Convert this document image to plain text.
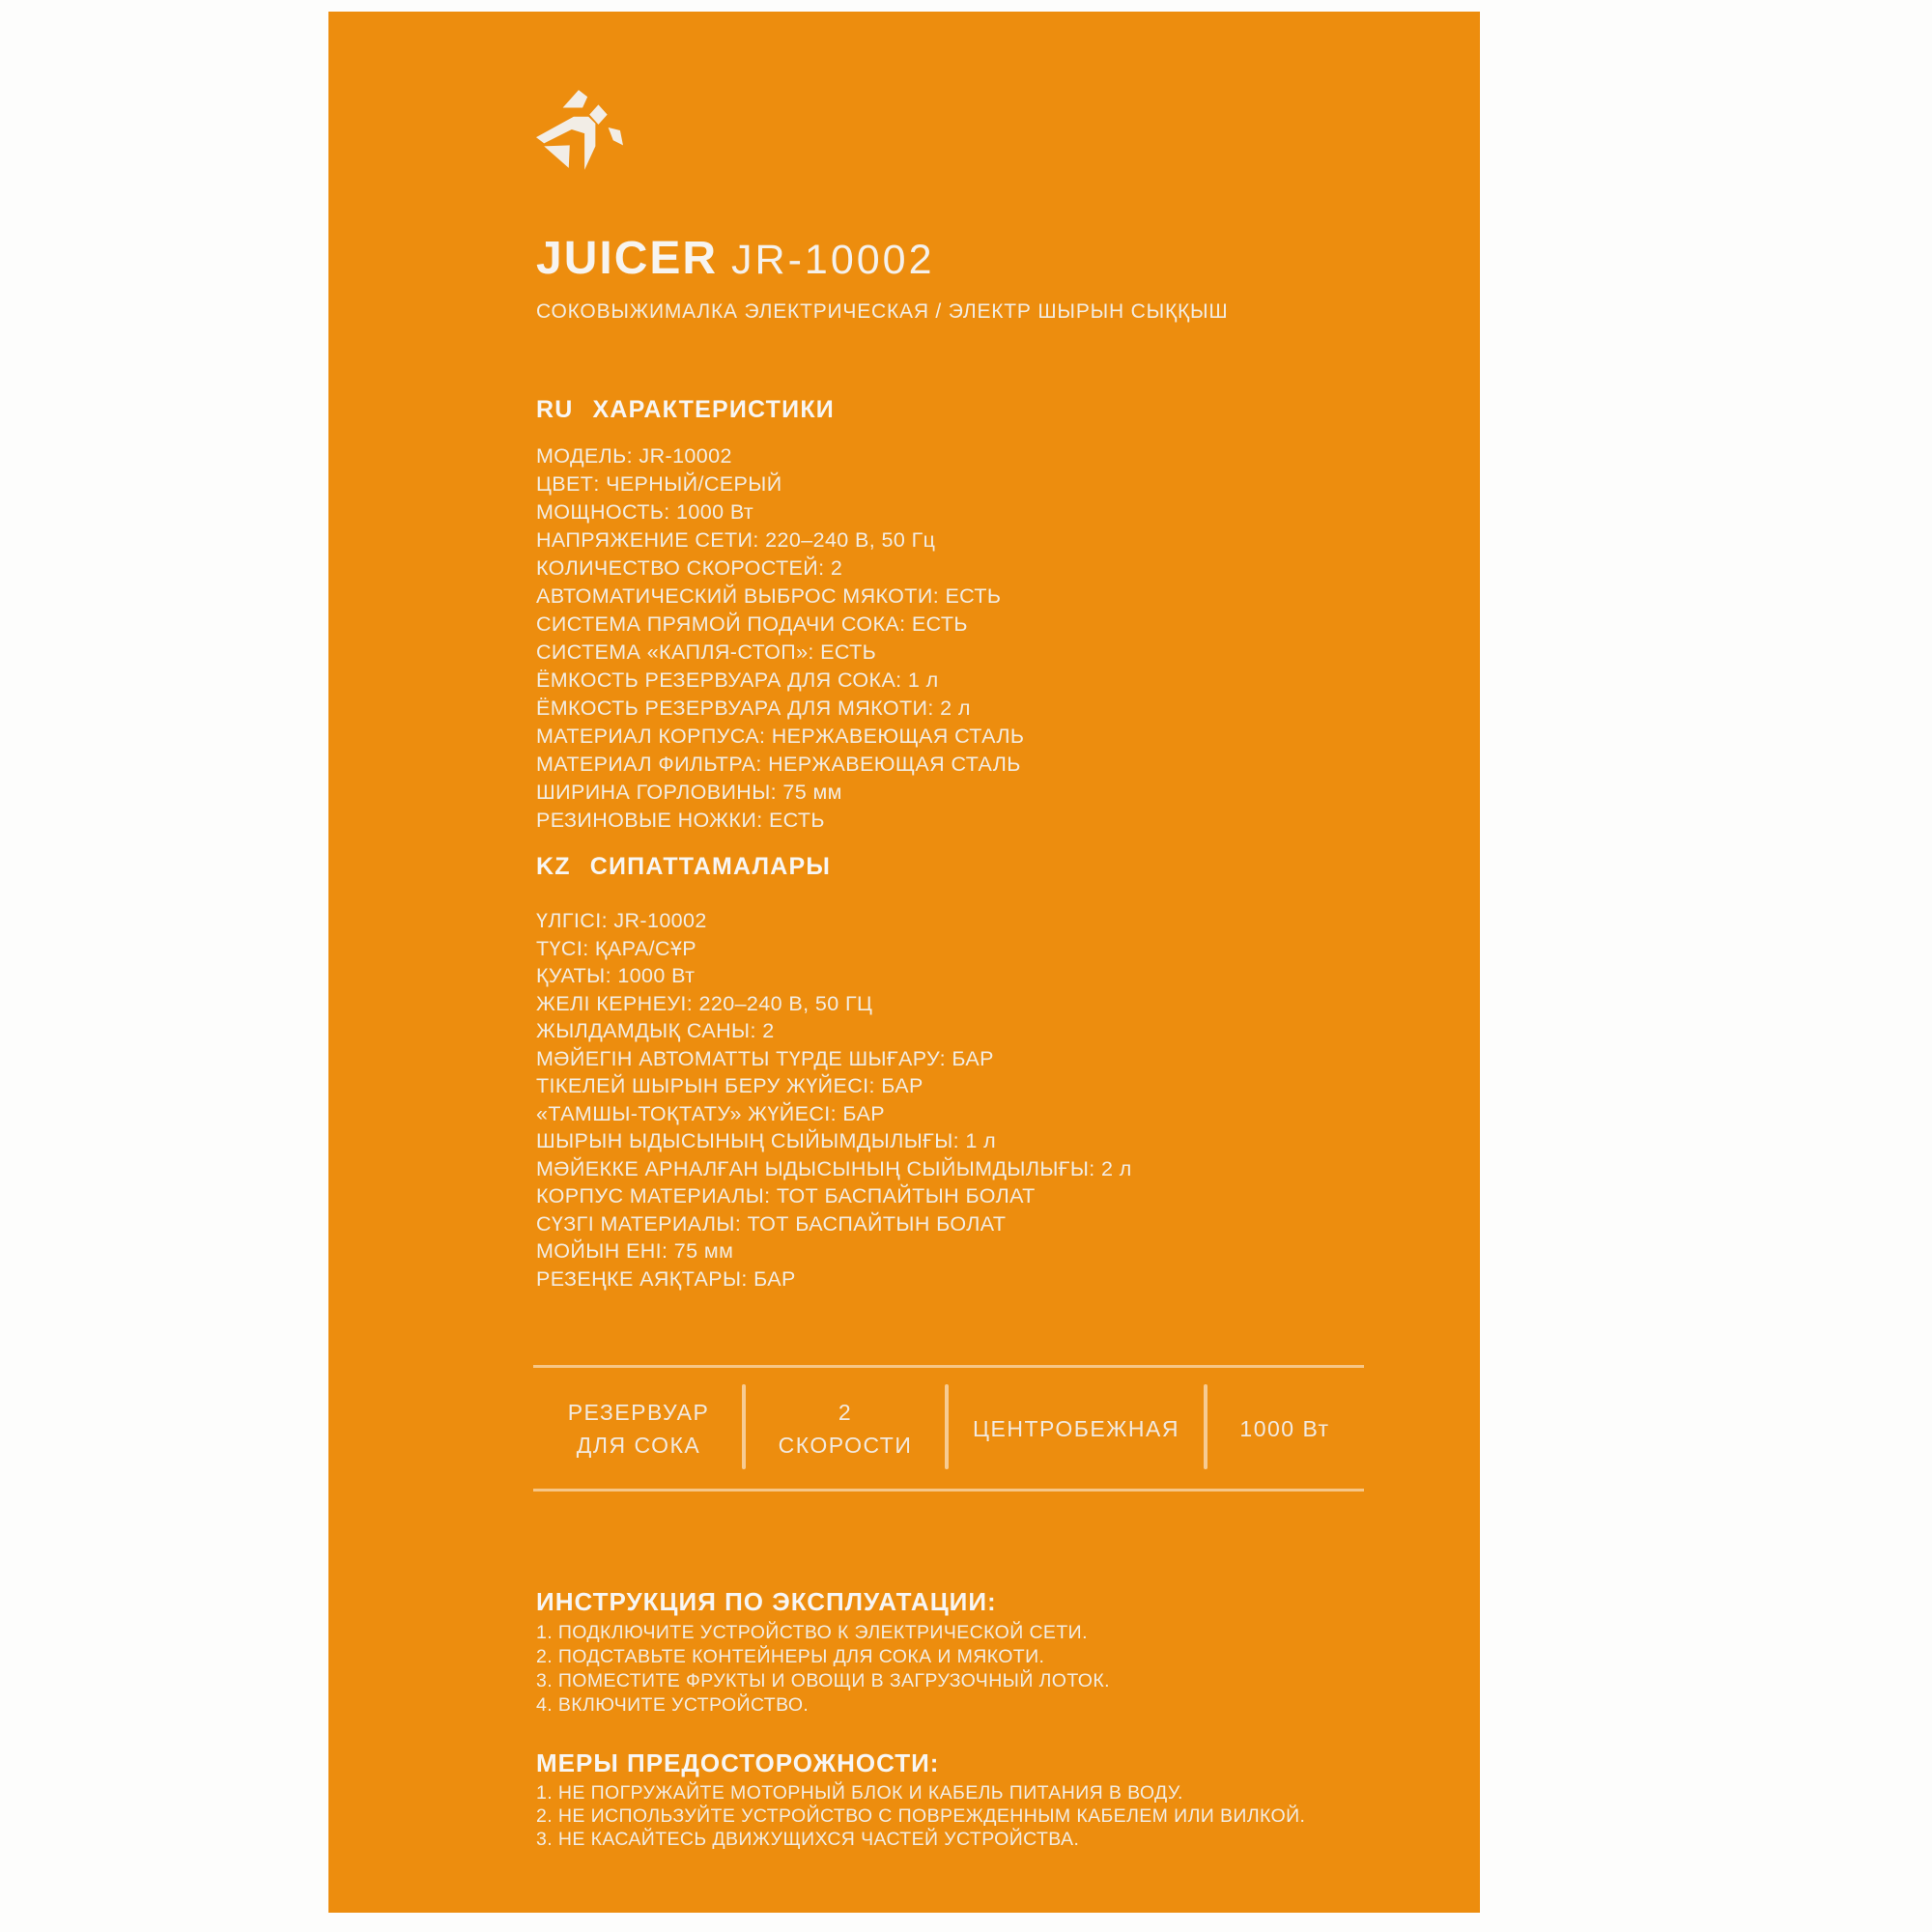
JUICER JR-10002
СОКОВЫЖИМАЛКА ЭЛЕКТРИЧЕСКАЯ / ЭЛЕКТР ШЫРЫН СЫҚҚЫШ
RU ХАРАКТЕРИСТИКИ
МОДЕЛЬ: JR-10002
ЦВЕТ: ЧЕРНЫЙ/СЕРЫЙ
МОЩНОСТЬ: 1000 Вт
НАПРЯЖЕНИЕ СЕТИ: 220–240 В, 50 Гц
КОЛИЧЕСТВО СКОРОСТЕЙ: 2
АВТОМАТИЧЕСКИЙ ВЫБРОС МЯКОТИ: ЕСТЬ
СИСТЕМА ПРЯМОЙ ПОДАЧИ СОКА: ЕСТЬ
СИСТЕМА «КАПЛЯ-СТОП»: ЕСТЬ
ЁМКОСТЬ РЕЗЕРВУАРА ДЛЯ СОКА: 1 л
ЁМКОСТЬ РЕЗЕРВУАРА ДЛЯ МЯКОТИ: 2 л
МАТЕРИАЛ КОРПУСА: НЕРЖАВЕЮЩАЯ СТАЛЬ
МАТЕРИАЛ ФИЛЬТРА: НЕРЖАВЕЮЩАЯ СТАЛЬ
ШИРИНА ГОРЛОВИНЫ: 75 мм
РЕЗИНОВЫЕ НОЖКИ: ЕСТЬ
KZ СИПАТТАМАЛАРЫ
ҮЛГІСІ: JR-10002
ТҮСІ: ҚАРА/СҰР
ҚУАТЫ: 1000 Вт
ЖЕЛІ КЕРНЕУІ: 220–240 В, 50 ГЦ
ЖЫЛДАМДЫҚ САНЫ: 2
МӘЙЕГІН АВТОМАТТЫ ТҮРДЕ ШЫҒАРУ: БАР
ТІКЕЛЕЙ ШЫРЫН БЕРУ ЖҮЙЕСІ: БАР
«ТАМШЫ-ТОҚТАТУ» ЖҮЙЕСІ: БАР
ШЫРЫН ЫДЫСЫНЫҢ СЫЙЫМДЫЛЫҒЫ: 1 л
МӘЙЕККЕ АРНАЛҒАН ЫДЫСЫНЫҢ СЫЙЫМДЫЛЫҒЫ: 2 л
КОРПУС МАТЕРИАЛЫ: ТОТ БАСПАЙТЫН БОЛАТ
СҮЗГІ МАТЕРИАЛЫ: ТОТ БАСПАЙТЫН БОЛАТ
МОЙЫН ЕНІ: 75 мм
РЕЗЕҢКЕ АЯҚТАРЫ: БАР
РЕЗЕРВУАР
ДЛЯ СОКА
2
СКОРОСТИ
ЦЕНТРОБЕЖНАЯ	1000 Вт
ИНСТРУКЦИЯ ПО ЭКСПЛУАТАЦИИ:
1. ПОДКЛЮЧИТЕ УСТРОЙСТВО К ЭЛЕКТРИЧЕСКОЙ СЕТИ.
2. ПОДСТАВЬТЕ КОНТЕЙНЕРЫ ДЛЯ СОКА И МЯКОТИ.
3. ПОМЕСТИТЕ ФРУКТЫ И ОВОЩИ В ЗАГРУЗОЧНЫЙ ЛОТОК.
4. ВКЛЮЧИТЕ УСТРОЙСТВО.
МЕРЫ ПРЕДОСТОРОЖНОСТИ:
1. НЕ ПОГРУЖАЙТЕ МОТОРНЫЙ БЛОК И КАБЕЛЬ ПИТАНИЯ В ВОДУ.
2. НЕ ИСПОЛЬЗУЙТЕ УСТРОЙСТВО С ПОВРЕЖДЕННЫМ КАБЕЛЕМ ИЛИ ВИЛКОЙ.
3. НЕ КАСАЙТЕСЬ ДВИЖУЩИХСЯ ЧАСТЕЙ УСТРОЙСТВА.
